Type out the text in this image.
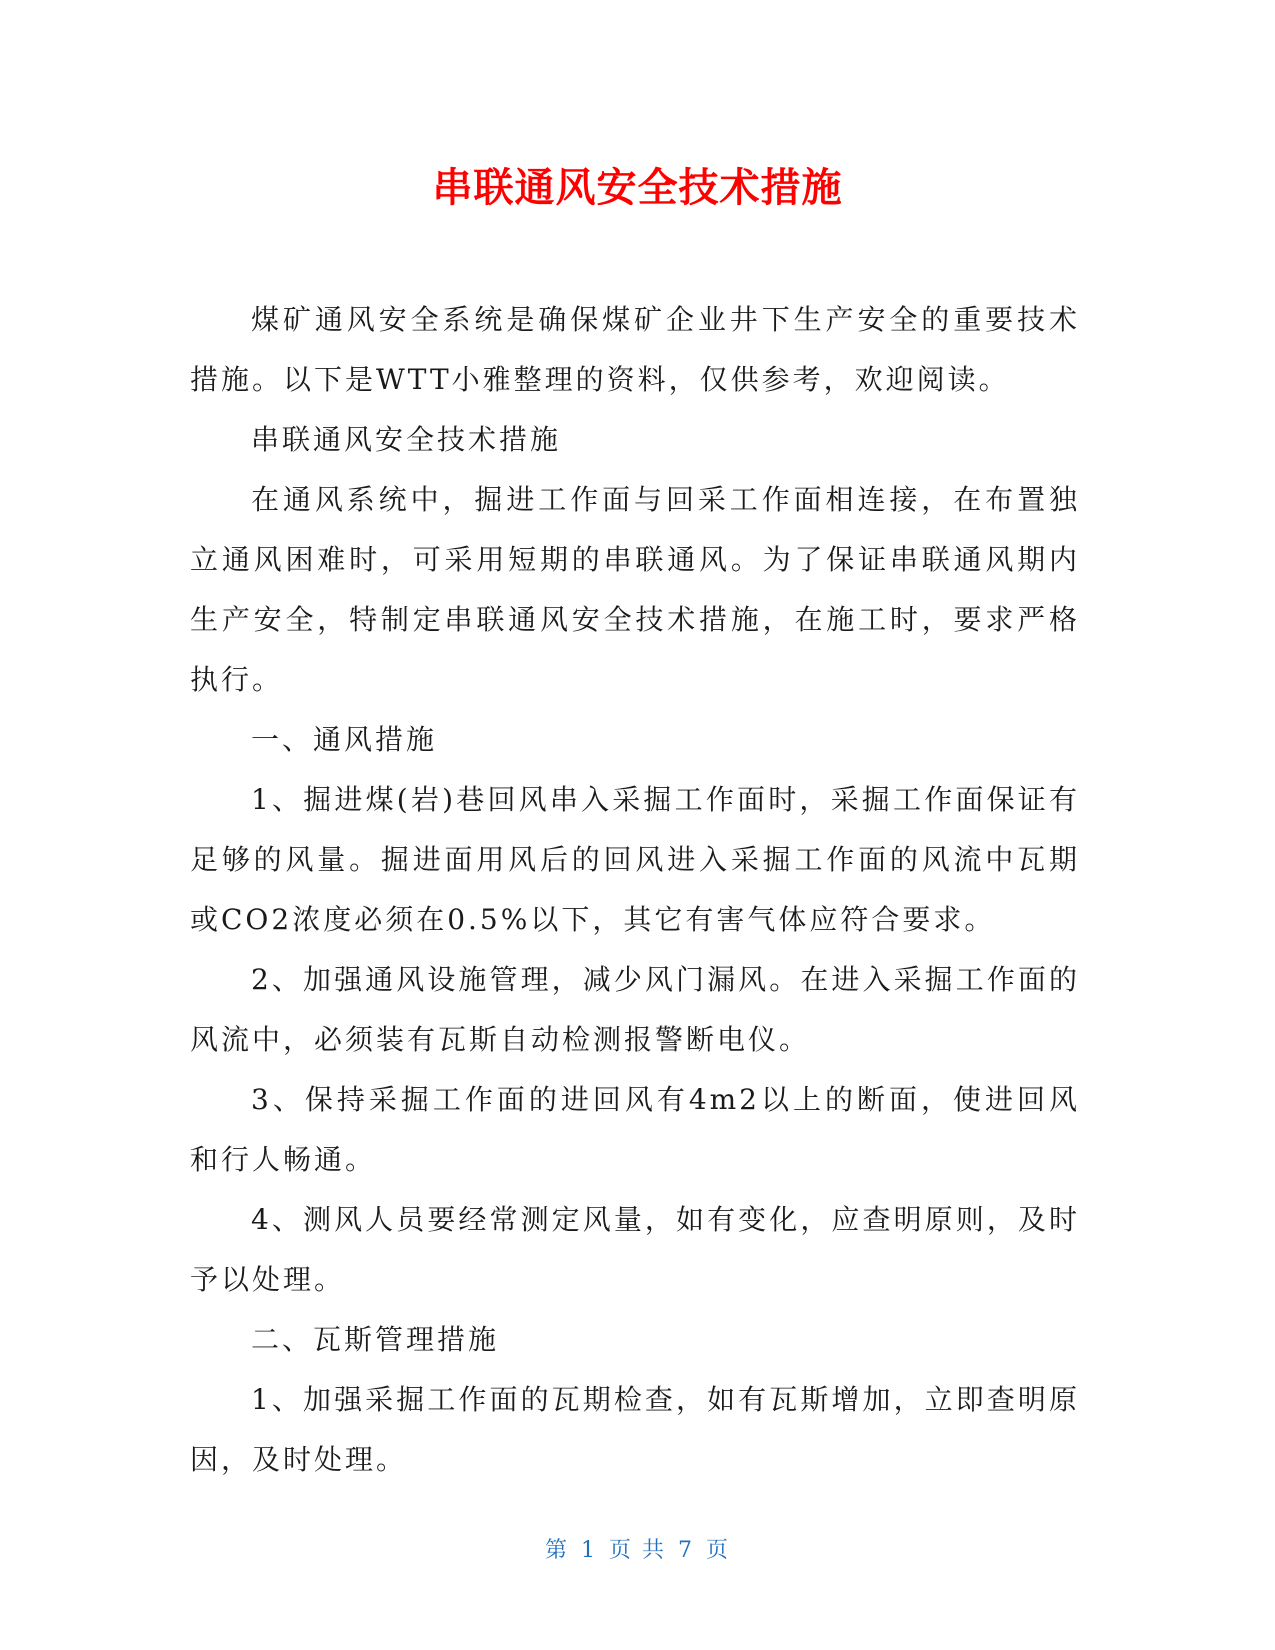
串联通风安全技术措施

煤矿通风安全系统是确保煤矿企业井下生产安全的重要技术措施。以下是WTT小雅整理的资料，仅供参考，欢迎阅读。

串联通风安全技术措施

在通风系统中，掘进工作面与回采工作面相连接，在布置独立通风困难时，可采用短期的串联通风。为了保证串联通风期内生产安全，特制定串联通风安全技术措施，在施工时，要求严格执行。

一、通风措施

1、掘进煤(岩)巷回风串入采掘工作面时，采掘工作面保证有足够的风量。掘进面用风后的回风进入采掘工作面的风流中瓦期或CO2浓度必须在0.5%以下，其它有害气体应符合要求。

2、加强通风设施管理，减少风门漏风。在进入采掘工作面的风流中，必须装有瓦斯自动检测报警断电仪。

3、保持采掘工作面的进回风有4m2以上的断面，使进回风和行人畅通。

4、测风人员要经常测定风量，如有变化，应查明原则，及时予以处理。

二、瓦斯管理措施

1、加强采掘工作面的瓦期检查，如有瓦斯增加，立即查明原因，及时处理。

第 1 页 共 7 页
